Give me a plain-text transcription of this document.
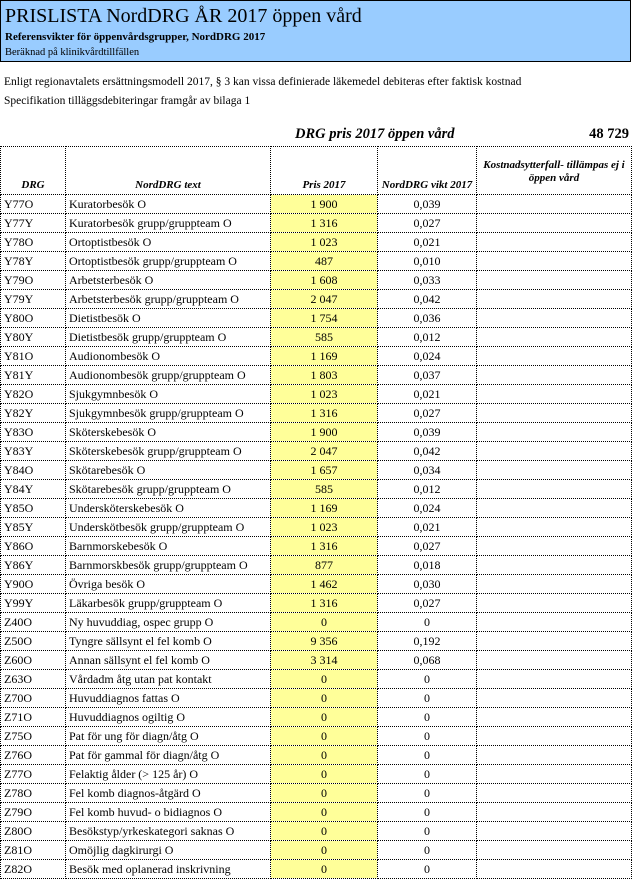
PRISLISTA NordDRG ÅR 2017 öppen vård
Referensvikter för öppenvårdsgrupper, NordDRG 2017
Beräknad på klinikvårdtillfällen
Enligt regionavtalets ersättningsmodell 2017, § 3 kan vissa definierade läkemedel debiteras efter faktisk kostnad
Specifikation tilläggsdebiteringar framgår av bilaga 1
DRG pris 2017 öppen vård	48 729
DRG	NordDRG text	Pris 2017	NordDRG vikt 2017	Kostnadsytterfall- tillämpas ej i öppen vård
Y77O	Kuratorbesök O	1 900	0,039	
Y77Y	Kuratorbesök grupp/gruppteam O	1 316	0,027	
Y78O	Ortoptistbesök O	1 023	0,021	
Y78Y	Ortoptistbesök grupp/gruppteam O	487	0,010	
Y79O	Arbetsterbesök O	1 608	0,033	
Y79Y	Arbetsterbesök grupp/gruppteam O	2 047	0,042	
Y80O	Dietistbesök O	1 754	0,036	
Y80Y	Dietistbesök grupp/gruppteam O	585	0,012	
Y81O	Audionombesök O	1 169	0,024	
Y81Y	Audionombesök grupp/gruppteam O	1 803	0,037	
Y82O	Sjukgymnbesök O	1 023	0,021	
Y82Y	Sjukgymnbesök grupp/gruppteam O	1 316	0,027	
Y83O	Sköterskebesök O	1 900	0,039	
Y83Y	Sköterskebesök grupp/gruppteam O	2 047	0,042	
Y84O	Skötarebesök O	1 657	0,034	
Y84Y	Skötarebesök grupp/gruppteam O	585	0,012	
Y85O	Undersköterskebesök O	1 169	0,024	
Y85Y	Underskötbesök grupp/gruppteam O	1 023	0,021	
Y86O	Barnmorskebesök O	1 316	0,027	
Y86Y	Barnmorskbesök grupp/gruppteam O	877	0,018	
Y90O	Övriga besök O	1 462	0,030	
Y99Y	Läkarbesök grupp/gruppteam O	1 316	0,027	
Z40O	Ny huvuddiag, ospec grupp O	0	0	
Z50O	Tyngre sällsynt el fel komb O	9 356	0,192	
Z60O	Annan sällsynt el fel komb O	3 314	0,068	
Z63O	Vårdadm åtg utan pat kontakt	0	0	
Z70O	Huvuddiagnos fattas O	0	0	
Z71O	Huvuddiagnos ogiltig O	0	0	
Z75O	Pat för ung för diagn/åtg O	0	0	
Z76O	Pat för gammal för diagn/åtg O	0	0	
Z77O	Felaktig ålder (> 125 år) O	0	0	
Z78O	Fel komb diagnos-åtgärd O	0	0	
Z79O	Fel komb huvud- o bidiagnos O	0	0	
Z80O	Besökstyp/yrkeskategori saknas O	0	0	
Z81O	Omöjlig dagkirurgi O	0	0	
Z82O	Besök med oplanerad inskrivning	0	0	
